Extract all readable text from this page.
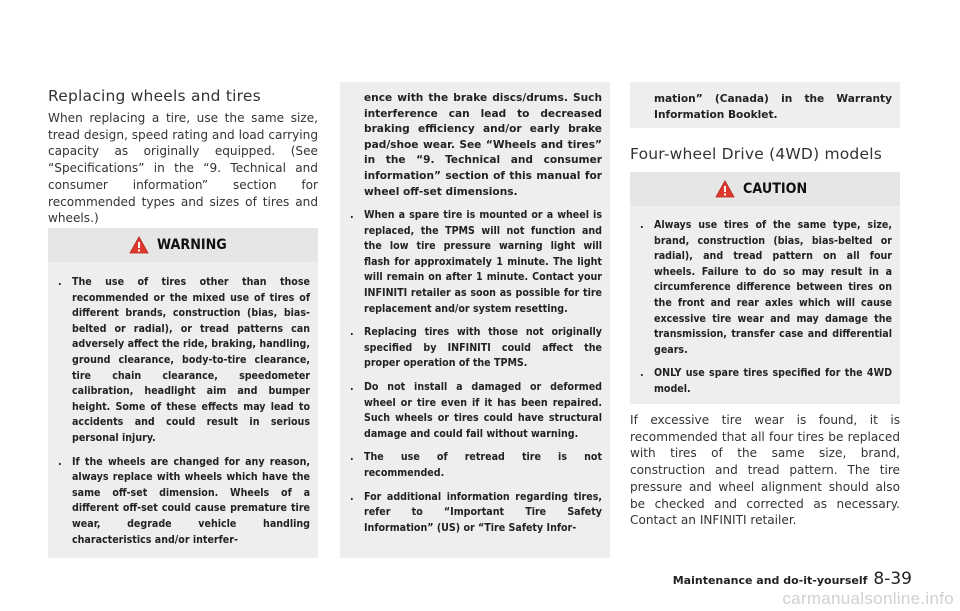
Replacing wheels and tires

When replacing a tire, use the same size, tread design, speed rating and load carrying capacity as originally equipped. (See “Specifications” in the “9. Technical and consumer information” section for recommended types and sizes of tires and wheels.)

WARNING
. The use of tires other than those recommended or the mixed use of tires of different brands, construction (bias, bias-belted or radial), or tread patterns can adversely affect the ride, braking, handling, ground clearance, body-to-tire clearance, tire chain clearance, speedometer calibration, headlight aim and bumper height. Some of these effects may lead to accidents and could result in serious personal injury.
. If the wheels are changed for any reason, always replace with wheels which have the same off-set dimension. Wheels of a different off-set could cause premature tire wear, degrade vehicle handling characteristics and/or interfer-

ence with the brake discs/drums. Such interference can lead to decreased braking efficiency and/or early brake pad/shoe wear. See “Wheels and tires” in the “9. Technical and consumer information” section of this manual for wheel off-set dimensions.

. When a spare tire is mounted or a wheel is replaced, the TPMS will not function and the low tire pressure warning light will flash for approximately 1 minute. The light will remain on after 1 minute. Contact your INFINITI retailer as soon as possible for tire replacement and/or system resetting.
. Replacing tires with those not originally specified by INFINITI could affect the proper operation of the TPMS.
. Do not install a damaged or deformed wheel or tire even if it has been repaired. Such wheels or tires could have structural damage and could fail without warning.
. The use of retread tire is not recommended.
. For additional information regarding tires, refer to “Important Tire Safety Information” (US) or “Tire Safety Infor-

mation” (Canada) in the Warranty Information Booklet.

Four-wheel Drive (4WD) models
CAUTION
. Always use tires of the same type, size, brand, construction (bias, bias-belted or radial), and tread pattern on all four wheels. Failure to do so may result in a circumference difference between tires on the front and rear axles which will cause excessive tire wear and may damage the transmission, transfer case and differential gears.
. ONLY use spare tires specified for the 4WD model.

If excessive tire wear is found, it is recommended that all four tires be replaced with tires of the same size, brand, construction and tread pattern. The tire pressure and wheel alignment should also be checked and corrected as necessary. Contact an INFINITI retailer.

Maintenance and do-it-yourself 8-39
carmanualsonline.info
